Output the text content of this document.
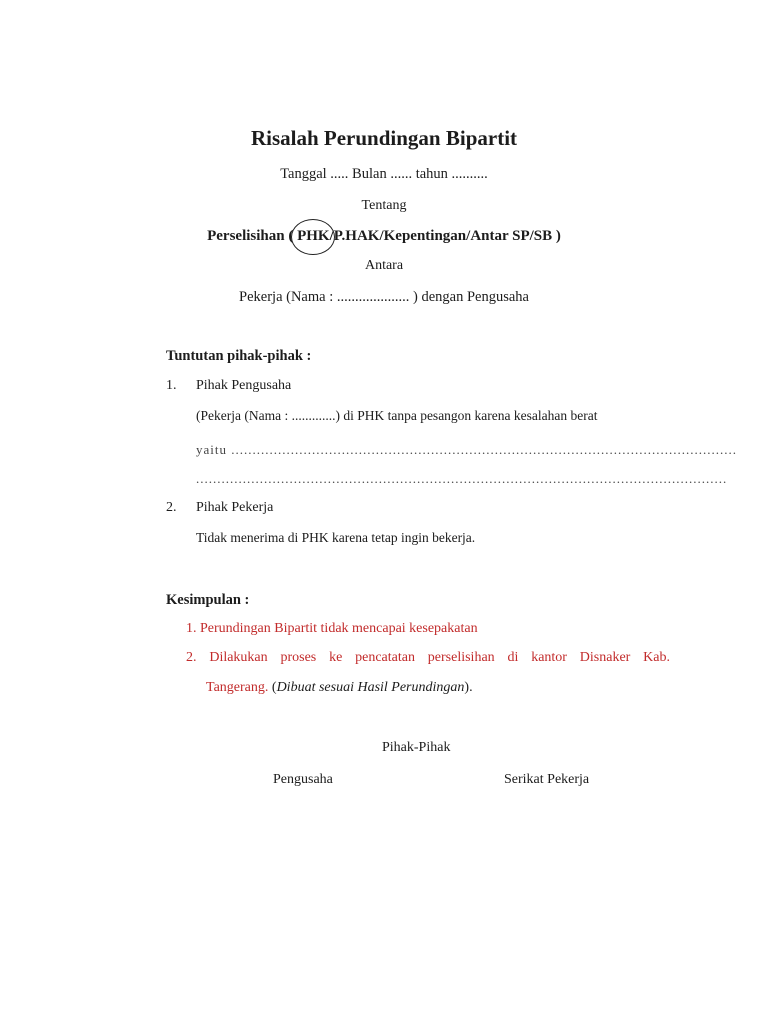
Risalah Perundingan Bipartit
Tanggal ..... Bulan ...... tahun ..........
Tentang
Perselisihan (
PHK/P.HAK/Kepentingan/Antar SP/SB )
Antara
Pekerja (Nama : .................... ) dengan Pengusaha
Tuntutan pihak-pihak :
1. Pihak Pengusaha
(Pekerja (Nama : .............) di PHK tanpa pesangon karena kesalahan berat
yaitu .......................................................................................................................
.............................................................................................................................
2. Pihak Pekerja
Tidak menerima di PHK karena tetap ingin bekerja.
Kesimpulan :
1. Perundingan Bipartit tidak mencapai kesepakatan
2. Dilakukan proses ke pencatatan perselisihan di kantor Disnaker Kab.
Tangerang. (Dibuat sesuai Hasil Perundingan).
Pihak-Pihak
Pengusaha	Serikat Pekerja
